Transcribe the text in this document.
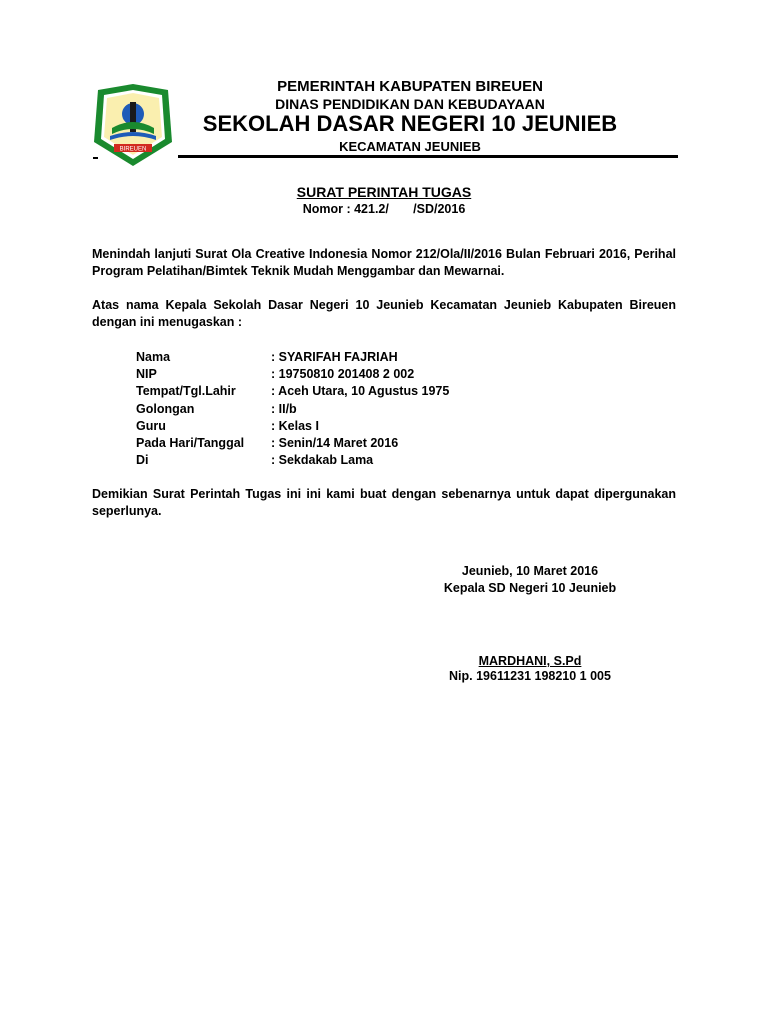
BIREUEN
PEMERINTAH KABUPATEN BIREUEN
DINAS PENDIDIKAN DAN KEBUDAYAAN
SEKOLAH DASAR NEGERI 10 JEUNIEB
KECAMATAN JEUNIEB
SURAT PERINTAH TUGAS
Nomor : 421.2/       /SD/2016
Menindah lanjuti Surat Ola Creative Indonesia Nomor 212/Ola/II/2016 Bulan Februari 2016, Perihal Program Pelatihan/Bimtek Teknik Mudah Menggambar dan Mewarnai.
Atas nama Kepala Sekolah Dasar Negeri 10 Jeunieb Kecamatan Jeunieb Kabupaten Bireuen dengan ini menugaskan :
Nama	: SYARIFAH FAJRIAH
NIP	: 19750810 201408 2 002
Tempat/Tgl.Lahir	: Aceh Utara, 10 Agustus 1975
Golongan	: II/b
Guru	: Kelas I
Pada Hari/Tanggal	: Senin/14 Maret 2016
Di	: Sekdakab Lama
Demikian Surat Perintah Tugas ini ini kami buat dengan sebenarnya untuk dapat dipergunakan seperlunya.
Jeunieb, 10 Maret 2016
Kepala SD Negeri 10 Jeunieb
MARDHANI, S.Pd
Nip. 19611231 198210 1 005
